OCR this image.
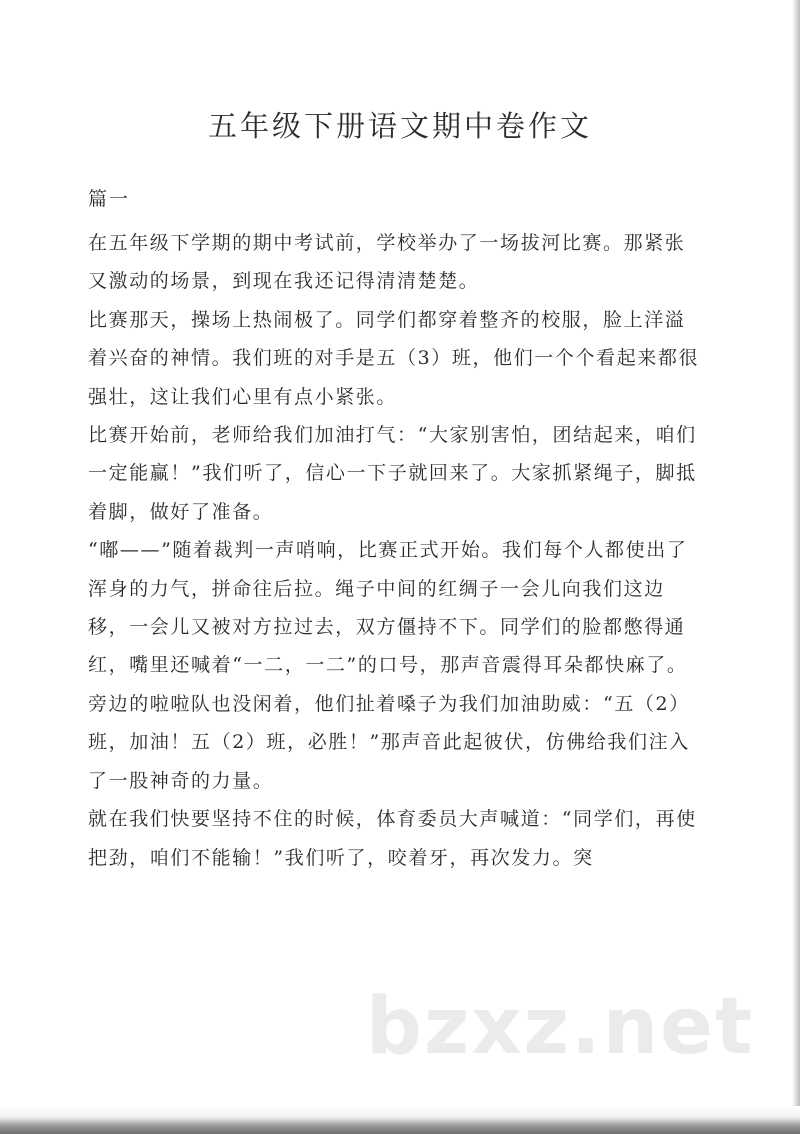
五年级下册语文期中卷作文
篇一

在五年级下学期的期中考试前，学校举办了一场拔河比赛。那紧张又激动的场景，到现在我还记得清清楚楚。

比赛那天，操场上热闹极了。同学们都穿着整齐的校服，脸上洋溢着兴奋的神情。我们班的对手是五（3）班，他们一个个看起来都很强壮，这让我们心里有点小紧张。

比赛开始前，老师给我们加油打气：“大家别害怕，团结起来，咱们一定能赢！”我们听了，信心一下子就回来了。大家抓紧绳子，脚抵着脚，做好了准备。

“嘟——”随着裁判一声哨响，比赛正式开始。我们每个人都使出了浑身的力气，拼命往后拉。绳子中间的红绸子一会儿向我们这边移，一会儿又被对方拉过去，双方僵持不下。同学们的脸都憋得通红，嘴里还喊着“一二，一二”的口号，那声音震得耳朵都快麻了。

旁边的啦啦队也没闲着，他们扯着嗓子为我们加油助威：“五（2）班，加油！五（2）班，必胜！”那声音此起彼伏，仿佛给我们注入了一股神奇的力量。

就在我们快要坚持不住的时候，体育委员大声喊道：“同学们，再使把劲，咱们不能输！”我们听了，咬着牙，再次发力。突

bzxz.net
